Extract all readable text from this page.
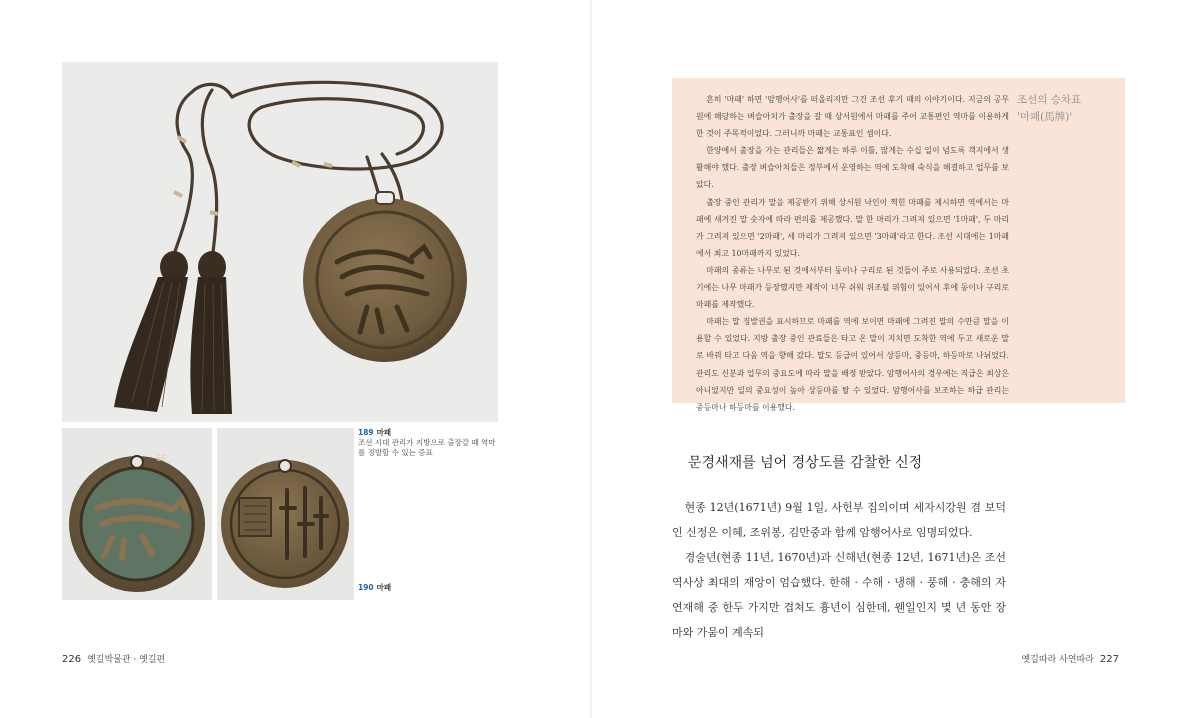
66
189 마패
조선 시대 관리가 지방으로 출장갈 때 역마를 징발할 수 있는 증표
190 마패
226 옛길박물관 · 옛길편

흔히 '마패' 하면 '암행어사'를 떠올리지만 그건 조선 후기 때의 이야기이다. 지금의 공무원에 해당하는 벼슬아치가 출장을 갈 때 상서원에서 마패를 주어 교통편인 역마를 이용하게 한 것이 주목적이었다. 그러니까 마패는 교통표인 셈이다.

한양에서 출장을 가는 관리들은 짧게는 하루 이틀, 많게는 수십 일이 넘도록 객지에서 생활해야 했다. 출장 벼슬아치들은 정부에서 운영하는 역에 도착해 숙식을 해결하고 업무를 보았다.

출장 중인 관리가 말을 제공받기 위해 상서원 낙인이 찍힌 마패를 제시하면 역에서는 마패에 새겨진 말 숫자에 따라 편의를 제공했다. 말 한 마리가 그려져 있으면 '1마패', 두 마리가 그려져 있으면 '2마패', 세 마리가 그려져 있으면 '3마패'라고 한다. 조선 시대에는 1마패에서 최고 10마패까지 있었다.

마패의 종류는 나무로 된 것에서부터 동이나 구리로 된 것들이 주로 사용되었다. 조선 초기에는 나무 마패가 등장했지만 제작이 너무 쉬워 위조될 위험이 있어서 후에 동이나 구리로 마패를 제작했다.

마패는 말 징발권을 표시하므로 마패를 역에 보이면 마패에 그려진 말의 수만큼 말을 이용할 수 있었다. 지방 출장 중인 관료들은 타고 온 말이 지치면 도착한 역에 두고 새로운 말로 바꿔 타고 다음 역을 향해 갔다. 말도 등급이 있어서 상등마, 중등마, 하등마로 나뉘었다. 관리도 신분과 업무의 중요도에 따라 말을 배정 받았다. 암행어사의 경우에는 직급은 최상은 아니었지만 일의 중요성이 높아 상등마를 탈 수 있었다. 암행어사를 보조하는 하급 관리는 중등마나 하등마를 이용했다.

조선의 승차표
'마패(馬牌)'
문경새재를 넘어 경상도를 감찰한 신정

현종 12년(1671년) 9월 1일, 사헌부 집의이며 세자시강원 겸 보덕인 신정은 이혜, 조위봉, 김만중과 함께 암행어사로 임명되었다.

경술년(현종 11년, 1670년)과 신해년(현종 12년, 1671년)은 조선 역사상 최대의 재앙이 엄습했다. 한해 · 수해 · 냉해 · 풍해 · 충해의 자연재해 중 한두 가지만 겹쳐도 흉년이 심한데, 웬일인지 몇 년 동안 장마와 가뭄이 계속되

옛길따라 사연따라 227
